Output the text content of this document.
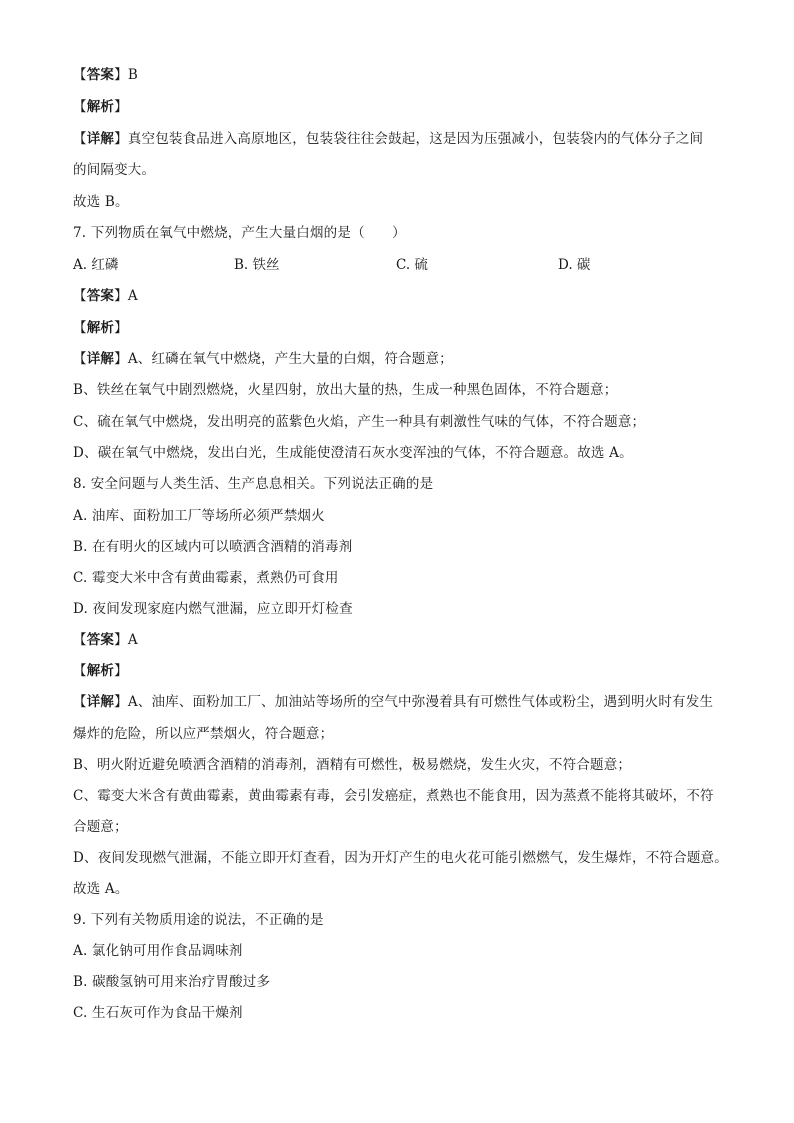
【答案】B
【解析】
【详解】真空包装食品进入高原地区，包装袋往往会鼓起，这是因为压强减小，包装袋内的气体分子之间
的间隔变大。
故选 B。
7. 下列物质在氧气中燃烧，产生大量白烟的是（　　）
A. 红磷	B. 铁丝	C. 硫	D. 碳
【答案】A
【解析】
【详解】A、红磷在氧气中燃烧，产生大量的白烟，符合题意；
B、铁丝在氧气中剧烈燃烧，火星四射，放出大量的热，生成一种黑色固体，不符合题意；
C、硫在氧气中燃烧，发出明亮的蓝紫色火焰，产生一种具有刺激性气味的气体，不符合题意；
D、碳在氧气中燃烧，发出白光，生成能使澄清石灰水变浑浊的气体，不符合题意。故选 A。
8. 安全问题与人类生活、生产息息相关。下列说法正确的是
A. 油库、面粉加工厂等场所必须严禁烟火
B. 在有明火的区域内可以喷洒含酒精的消毒剂
C. 霉变大米中含有黄曲霉素，煮熟仍可食用
D. 夜间发现家庭内燃气泄漏，应立即开灯检查
【答案】A
【解析】
【详解】A、油库、面粉加工厂、加油站等场所的空气中弥漫着具有可燃性气体或粉尘，遇到明火时有发生
爆炸的危险，所以应严禁烟火，符合题意；
B、明火附近避免喷洒含酒精的消毒剂，酒精有可燃性，极易燃烧，发生火灾，不符合题意；
C、霉变大米含有黄曲霉素，黄曲霉素有毒，会引发癌症，煮熟也不能食用，因为蒸煮不能将其破坏，不符
合题意；
D、夜间发现燃气泄漏，不能立即开灯查看，因为开灯产生的电火花可能引燃燃气，发生爆炸，不符合题意。
故选 A。
9. 下列有关物质用途的说法，不正确的是
A. 氯化钠可用作食品调味剂
B. 碳酸氢钠可用来治疗胃酸过多
C. 生石灰可作为食品干燥剂
